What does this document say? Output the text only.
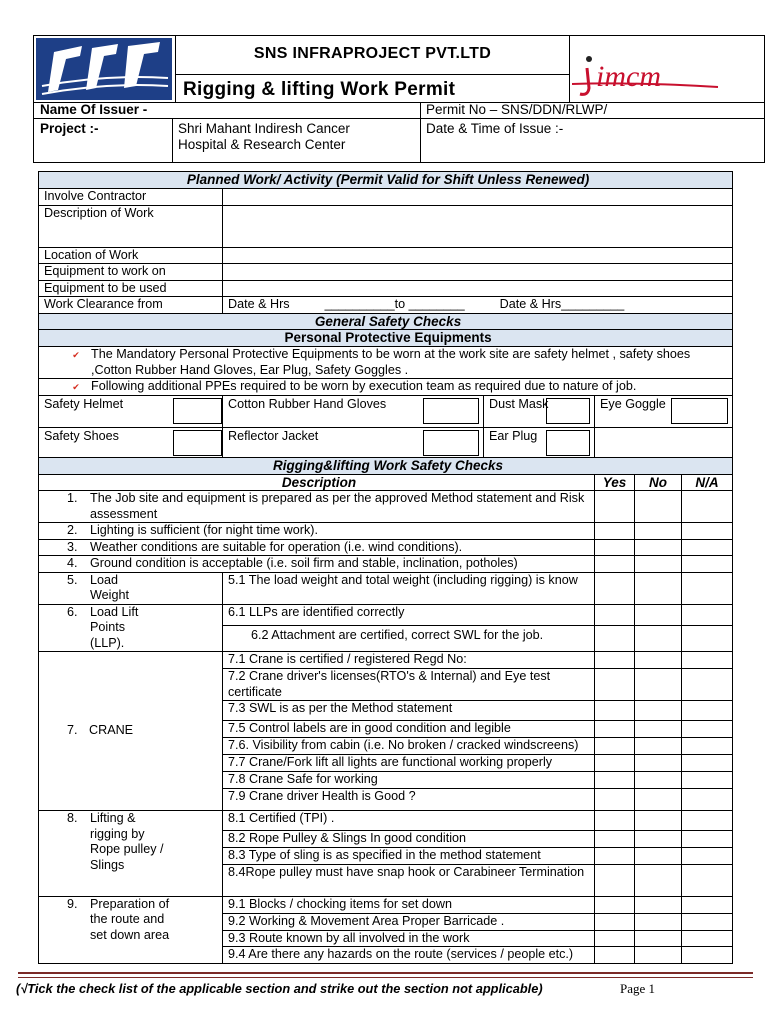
SNS
SNS INFRAPROJECT PVT.LTD
Rigging & lifting Work Permit	imcm
Name Of Issuer -	Permit No – SNS/DDN/RLWP/
Project :-	Shri Mahant Indiresh Cancer
Hospital & Research Center
Date & Time of Issue :-
Planned Work/ Activity (Permit Valid for Shift Unless Renewed)					
Involve Contractor					
Description of Work					
Location of Work					
Equipment to work on					
Equipment to be used					
Work Clearance from	Date & Hrs          __________to ________          Date & Hrs_________				
General Safety Checks					
Personal Protective Equipments					

✔ The Mandatory Personal Protective Equipments to be worn at the work site are safety helmet , safety shoes ,Cotton Rubber Hand Gloves, Ear Plug, Safety Goggles .					

✔ Following additional PPEs required to be worn by execution team as required due to nature of job.					

Safety Helmet	Cotton Rubber Hand Gloves	Dust Mask	Eye Goggle		

Safety Shoes	Reflector Jacket	Ear Plug		

Rigging&lifting Work Safety Checks					
Description			Yes	No	N/A

1. The Job site and equipment is prepared as per the approved Method statement and Risk assessment					

2. Lighting is sufficient (for night time work).					

3. Weather conditions are suitable for operation (i.e. wind conditions).					

4. Ground condition is acceptable (i.e. soil firm and stable, inclination, potholes)					

5. Load Weight	5.1 The load weight and total weight (including rigging) is know				

6. Load Lift Points (LLP).	6.1 LLPs are identified correctly				
	6.2 Attachment are certified, correct SWL for the job.				
7. CRANE	7.1 Crane is certified / registered Regd No:				
	7.2 Crane driver's licenses(RTO's & Internal) and Eye test certificate				
	7.3 SWL is as per the Method statement				
	7.5 Control labels are in good condition and legible				
	7.6. Visibility from cabin (i.e. No broken / cracked windscreens)				
	7.7 Crane/Fork lift all lights are functional working properly				
	7.8 Crane Safe for working				
	7.9 Crane driver Health is Good ?				

8. Lifting & rigging by Rope pulley / Slings	8.1 Certified (TPI) .				
	8.2 Rope Pulley & Slings In good condition				
	8.3 Type of sling is as specified in the method statement				
	8.4Rope pulley must have snap hook or Carabineer Termination				

9. Preparation of the route and set down area	9.1 Blocks / chocking items for set down				
	9.2 Working & Movement Area Proper Barricade .				
	9.3 Route known by all involved in the work				
	9.4 Are there any hazards on the route (services / people etc.)				
(√Tick the check list of the applicable section and strike out the section not applicable)	Page 1
